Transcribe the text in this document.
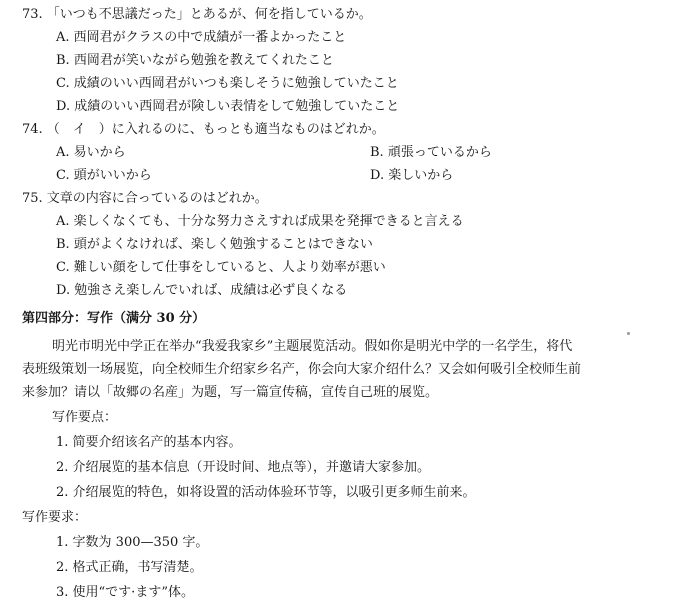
73. 「いつも不思議だった」とあるが、何を指しているか。
A. 西岡君がクラスの中で成績が一番よかったこと
B. 西岡君が笑いながら勉強を教えてくれたこと
C. 成績のいい西岡君がいつも楽しそうに勉強していたこと
D. 成績のいい西岡君が険しい表情をして勉強していたこと
74. （　イ　）に入れるのに、もっとも適当なものはどれか。
A. 易いから	B. 頑張っているから
C. 頭がいいから	D. 楽しいから
75. 文章の内容に合っているのはどれか。
A. 楽しくなくても、十分な努力さえすれば成果を発揮できると言える
B. 頭がよくなければ、楽しく勉強することはできない
C. 難しい顔をして仕事をしていると、人より効率が悪い
D. 勉強さえ楽しんでいれば、成績は必ず良くなる
第四部分：写作（满分 30 分）
明光市明光中学正在举办“我爱我家乡”主题展览活动。假如你是明光中学的一名学生，将代
表班级策划一场展览，向全校师生介绍家乡名产，你会向大家介绍什么？又会如何吸引全校师生前
来参加？请以「故郷の名産」为题，写一篇宣传稿，宣传自己班的展览。
写作要点：
1. 简要介绍该名产的基本内容。
2. 介绍展览的基本信息（开设时间、地点等），并邀请大家参加。
2. 介绍展览的特色，如将设置的活动体验环节等，以吸引更多师生前来。
写作要求：
1. 字数为 300—350 字。
2. 格式正确，书写清楚。
3. 使用“です·ます”体。
